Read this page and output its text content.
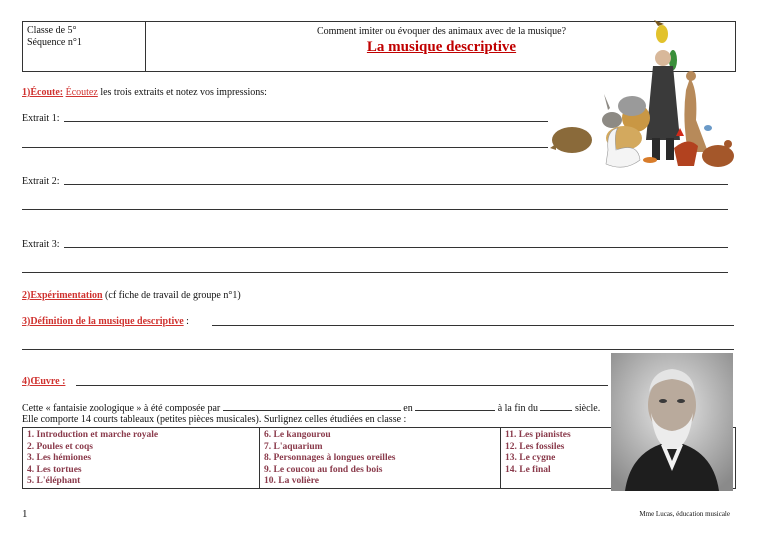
Classe de 5°
Séquence n°1
Comment imiter ou évoquer des animaux avec de la musique?
La musique descriptive
1)Écoute: Écoutez les trois extraits et notez vos impressions:
Extrait 1:
Extrait 2:
Extrait 3:
2)Expérimentation (cf fiche de travail de groupe n°1)
3)Définition de la musique descriptive :
4)Œuvre :
Cette « fantaisie zoologique » à été composée par	en	à la fin du	siècle.
Elle comporte 14 courts tableaux (petites pièces musicales). Surlignez celles étudiées en classe :
1. Introduction et marche royale
2. Poules et coqs
3. Les hémiones
4. Les tortues
5. L'éléphant
6. Le kangourou
7. L'aquarium
8. Personnages à longues oreilles
9. Le coucou au fond des bois
10. La volière
11. Les pianistes
12. Les fossiles
13. Le cygne
14. Le final
1	Mme Lucas, éducation musicale
